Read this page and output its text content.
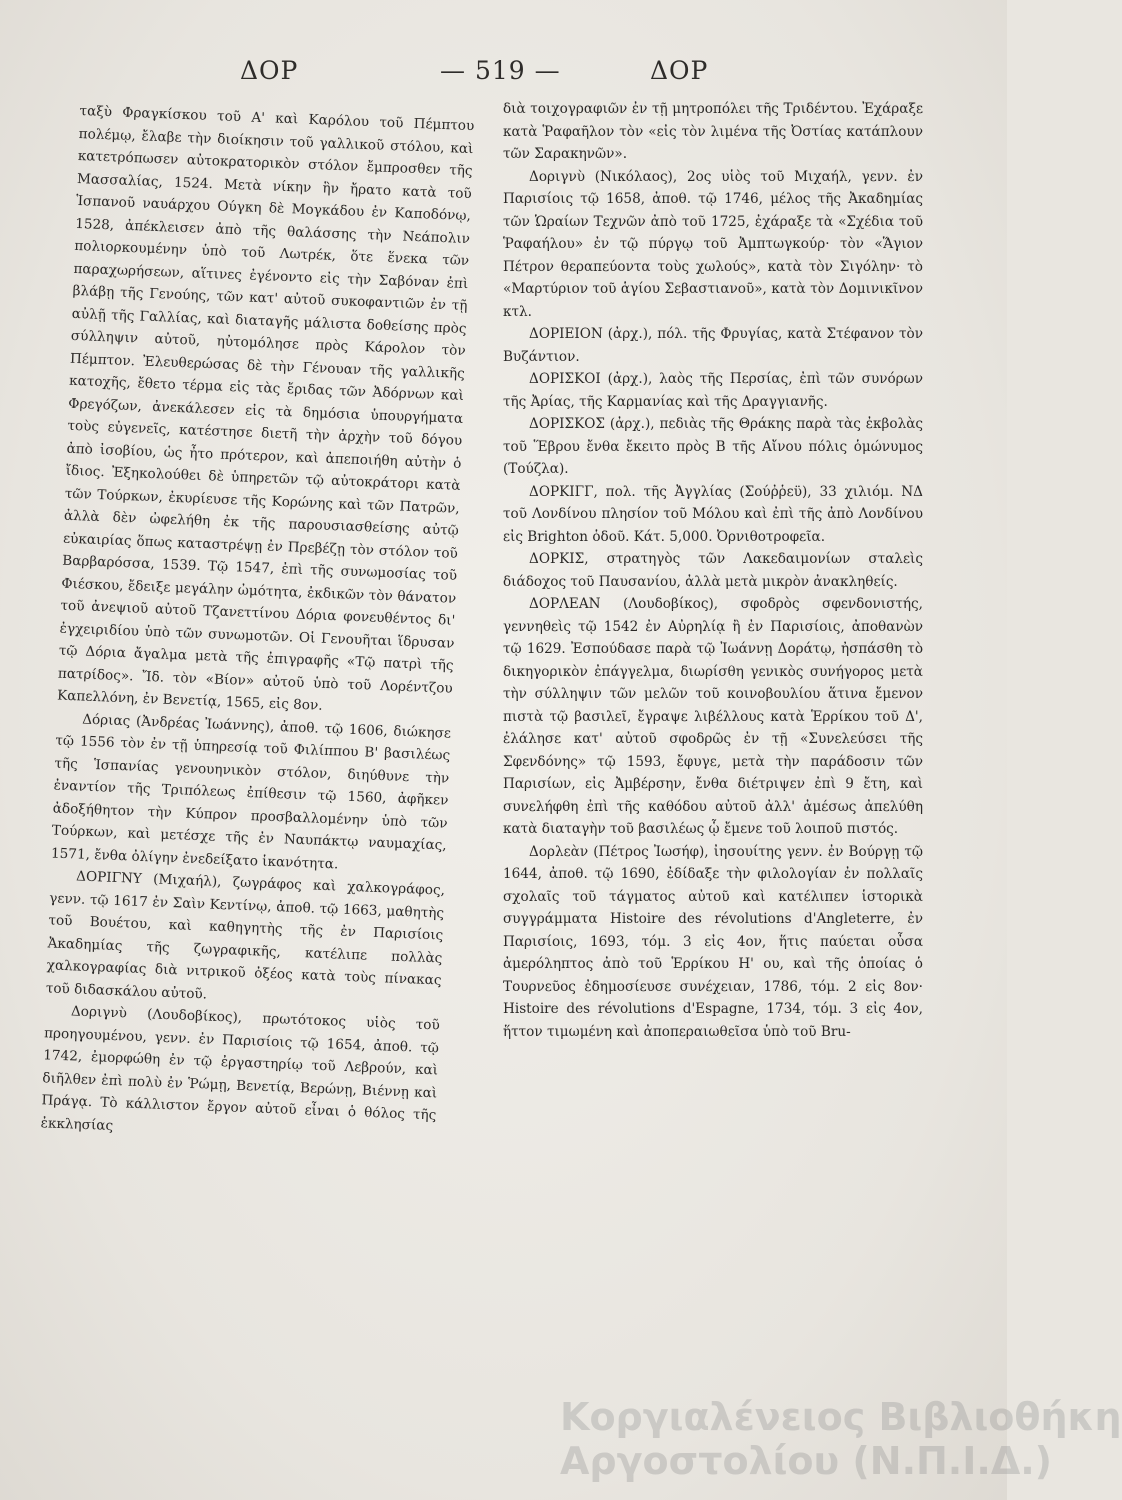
ΔΟΡ	— 519 —	ΔΟΡ

ταξὺ Φραγκίσκου τοῦ Α' καὶ Καρόλου τοῦ Πέμπτου πολέμῳ, ἔλαβε τὴν διοίκησιν τοῦ γαλλικοῦ στόλου, καὶ κατετρόπωσεν αὐτοκρατορικὸν στόλον ἔμπροσθεν τῆς Μασσαλίας, 1524. Μετὰ νίκην ἣν ἤρατο κατὰ τοῦ Ἱσπανοῦ ναυάρχου Ούγκη δὲ Μογκάδου ἐν Καποδόνῳ, 1528, ἀπέκλεισεν ἀπὸ τῆς θαλάσσης τὴν Νεάπολιν πολιορκουμένην ὑπὸ τοῦ Λωτρέκ, ὅτε ἕνεκα τῶν παραχωρήσεων, αἵτινες ἐγένοντο εἰς τὴν Σαβόναν ἐπὶ βλάβῃ τῆς Γενούης, τῶν κατ' αὐτοῦ συκοφαντιῶν ἐν τῇ αὐλῇ τῆς Γαλλίας, καὶ διαταγῆς μάλιστα δοθείσης πρὸς σύλληψιν αὐτοῦ, ηὐτομόλησε πρὸς Κάρολον τὸν Πέμπτον. Ἐλευθερώσας δὲ τὴν Γένουαν τῆς γαλλικῆς κατοχῆς, ἔθετο τέρμα εἰς τὰς ἔριδας τῶν Ἀδόρνων καὶ Φρεγόζων, ἀνεκάλεσεν εἰς τὰ δημόσια ὑπουργήματα τοὺς εὐγενεῖς, κατέστησε διετῆ τὴν ἀρχὴν τοῦ δόγου ἀπὸ ἰσοβίου, ὡς ἦτο πρότερον, καὶ ἀπεποιήθη αὐτὴν ὁ ἴδιος. Ἐξηκολούθει δὲ ὑπηρετῶν τῷ αὐτοκράτορι κατὰ τῶν Τούρκων, ἐκυρίευσε τῆς Κορώνης καὶ τῶν Πατρῶν, ἀλλὰ δὲν ὠφελήθη ἐκ τῆς παρουσιασθείσης αὐτῷ εὐκαιρίας ὅπως καταστρέψῃ ἐν Πρεβέζῃ τὸν στόλον τοῦ Βαρβαρόσσα, 1539. Τῷ 1547, ἐπὶ τῆς συνωμοσίας τοῦ Φιέσκου, ἔδειξε μεγάλην ὠμότητα, ἐκδικῶν τὸν θάνατον τοῦ ἀνεψιοῦ αὐτοῦ Τζανεττίνου Δόρια φονευθέντος δι' ἐγχειριδίου ὑπὸ τῶν συνωμοτῶν. Οἱ Γενουῆται ἵδρυσαν τῷ Δόρια ἄγαλμα μετὰ τῆς ἐπιγραφῆς «Τῷ πατρὶ τῆς πατρίδος». Ἴδ. τὸν «Βίον» αὐτοῦ ὑπὸ τοῦ Λορέντζου Καπελλόνη, ἐν Βενετίᾳ, 1565, εἰς 8ον.

Δόριας (Ἀνδρέας Ἰωάννης), ἀποθ. τῷ 1606, διώκησε τῷ 1556 τὸν ἐν τῇ ὑπηρεσίᾳ τοῦ Φιλίππου Β' βασιλέως τῆς Ἱσπανίας γενουηνικὸν στόλον, διηύθυνε τὴν ἐναντίον τῆς Τριπόλεως ἐπίθεσιν τῷ 1560, ἀφῆκεν ἀδοξήθητον τὴν Κύπρον προσβαλλομένην ὑπὸ τῶν Τούρκων, καὶ μετέσχε τῆς ἐν Ναυπάκτῳ ναυμαχίας, 1571, ἔνθα ὀλίγην ἐνεδείξατο ἱκανότητα.

ΔΟΡΙΓΝΥ (Μιχαήλ), ζωγράφος καὶ χαλκογράφος, γενν. τῷ 1617 ἐν Σαὶν Κεντίνῳ, ἀποθ. τῷ 1663, μαθητὴς τοῦ Βουέτου, καὶ καθηγητὴς τῆς ἐν Παρισίοις Ἀκαδημίας τῆς ζωγραφικῆς, κατέλιπε πολλὰς χαλκογραφίας διὰ νιτρικοῦ ὀξέος κατὰ τοὺς πίνακας τοῦ διδασκάλου αὐτοῦ.

Δοριγνὺ (Λουδοβίκος), πρωτότοκος υἱὸς τοῦ προηγουμένου, γενν. ἐν Παρισίοις τῷ 1654, ἀποθ. τῷ 1742, ἐμορφώθη ἐν τῷ ἐργαστηρίῳ τοῦ Λεβρούν, καὶ διῆλθεν ἐπὶ πολὺ ἐν Ῥώμῃ, Βενετίᾳ, Βερώνῃ, Βιέννῃ καὶ Πράγᾳ. Τὸ κάλλιστον ἔργον αὐτοῦ εἶναι ὁ θόλος τῆς ἐκκλησίας

διὰ τοιχογραφιῶν ἐν τῇ μητροπόλει τῆς Τριδέντου. Ἐχάραξε κατὰ Ῥαφαῆλον τὸν «εἰς τὸν λιμένα τῆς Ὀστίας κατάπλουν τῶν Σαρακηνῶν».

Δοριγνὺ (Νικόλαος), 2ος υἱὸς τοῦ Μιχαήλ, γενν. ἐν Παρισίοις τῷ 1658, ἀποθ. τῷ 1746, μέλος τῆς Ἀκαδημίας τῶν Ὡραίων Τεχνῶν ἀπὸ τοῦ 1725, ἐχάραξε τὰ «Σχέδια τοῦ Ῥαφαήλου» ἐν τῷ πύργῳ τοῦ Ἀμπτωγκούρ· τὸν «Ἅγιον Πέτρον θεραπεύοντα τοὺς χωλούς», κατὰ τὸν Σιγόλην· τὸ «Μαρτύριον τοῦ ἁγίου Σεβαστιανοῦ», κατὰ τὸν Δομινικῖνον κτλ.

ΔΟΡΙΕΙΟΝ (ἀρχ.), πόλ. τῆς Φρυγίας, κατὰ Στέφανον τὸν Βυζάντιον.

ΔΟΡΙΣΚΟΙ (ἀρχ.), λαὸς τῆς Περσίας, ἐπὶ τῶν συνόρων τῆς Ἀρίας, τῆς Καρμανίας καὶ τῆς Δραγγιανῆς.

ΔΟΡΙΣΚΟΣ (ἀρχ.), πεδιὰς τῆς Θράκης παρὰ τὰς ἐκβολὰς τοῦ Ἕβρου ἔνθα ἔκειτο πρὸς Β τῆς Αἴνου πόλις ὁμώνυμος (Τούζλα).

ΔΟΡΚΙΓΓ, πολ. τῆς Ἀγγλίας (Σούῤῥεϋ), 33 χιλιόμ. ΝΔ τοῦ Λονδίνου πλησίον τοῦ Μόλου καὶ ἐπὶ τῆς ἀπὸ Λονδίνου εἰς Brighton ὁδοῦ. Κάτ. 5,000. Ὀρνιθοτροφεῖα.

ΔΟΡΚΙΣ, στρατηγὸς τῶν Λακεδαιμονίων σταλεὶς διάδοχος τοῦ Παυσανίου, ἀλλὰ μετὰ μικρὸν ἀνακληθείς.

ΔΟΡΛΕΑΝ (Λουδοβίκος), σφοδρὸς σφενδονιστής, γεννηθεὶς τῷ 1542 ἐν Αὐρηλίᾳ ἢ ἐν Παρισίοις, ἀποθανὼν τῷ 1629. Ἐσπούδασε παρὰ τῷ Ἰωάννῃ Δοράτῳ, ἠσπάσθη τὸ δικηγορικὸν ἐπάγγελμα, διωρίσθη γενικὸς συνήγορος μετὰ τὴν σύλληψιν τῶν μελῶν τοῦ κοινοβουλίου ἅτινα ἔμενον πιστὰ τῷ βασιλεῖ, ἔγραψε λιβέλλους κατὰ Ἑρρίκου τοῦ Δ', ἐλάλησε κατ' αὐτοῦ σφοδρῶς ἐν τῇ «Συνελεύσει τῆς Σφενδόνης» τῷ 1593, ἔφυγε, μετὰ τὴν παράδοσιν τῶν Παρισίων, εἰς Ἀμβέρσην, ἔνθα διέτριψεν ἐπὶ 9 ἔτη, καὶ συνελήφθη ἐπὶ τῆς καθόδου αὐτοῦ ἀλλ' ἀμέσως ἀπελύθη κατὰ διαταγὴν τοῦ βασιλέως ᾧ ἔμενε τοῦ λοιποῦ πιστός.

Δορλεὰν (Πέτρος Ἰωσήφ), ἰησουίτης γενν. ἐν Βούργῃ τῷ 1644, ἀποθ. τῷ 1690, ἐδίδαξε τὴν φιλολογίαν ἐν πολλαῖς σχολαῖς τοῦ τάγματος αὐτοῦ καὶ κατέλιπεν ἱστορικὰ συγγράμματα Histoire des révolutions d'Angleterre, ἐν Παρισίοις, 1693, τόμ. 3 εἰς 4ον, ἥτις παύεται οὖσα ἀμερόληπτος ἀπὸ τοῦ Ἑρρίκου Η' ου, καὶ τῆς ὁποίας ὁ Τουρνεῦος ἐδημοσίευσε συνέχειαν, 1786, τόμ. 2 εἰς 8ον· Histoire des révolutions d'Espagne, 1734, τόμ. 3 εἰς 4ον, ἥττον τιμωμένη καὶ ἀποπεραιωθεῖσα ὑπὸ τοῦ Bru-

Κοργιαλένειος Βιβλιοθήκη
Αργοστολίου (Ν.Π.Ι.Δ.)
